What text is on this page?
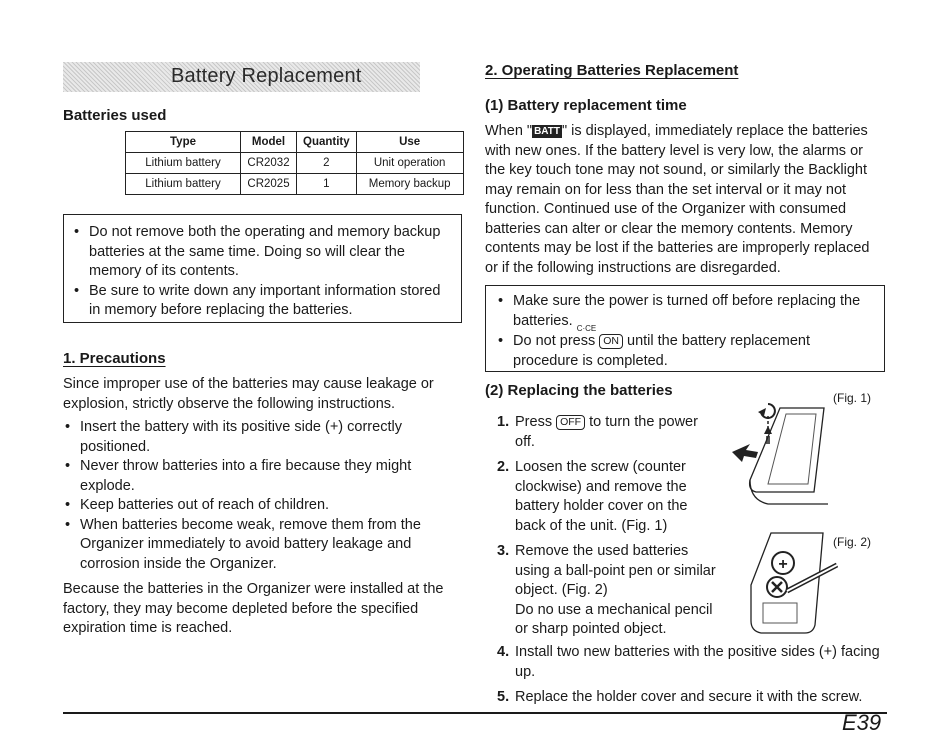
Battery Replacement
Batteries used
Type	Model	Quantity	Use
Lithium battery	CR2032	2	Unit operation
Lithium battery	CR2025	1	Memory backup
• Do not remove both the operating and memory backup batteries at the same time. Doing so will clear the memory of its contents.
• Be sure to write down any important information stored in memory before replacing the batteries.
1. Precautions
Since improper use of the batteries may cause leakage or explosion, strictly observe the following instructions.
• Insert the battery with its positive side (+) correctly positioned.
• Never throw batteries into a fire because they might explode.
• Keep batteries out of reach of children.
• When batteries become weak, remove them from the Organizer immediately to avoid battery leakage and corrosion inside the Organizer.
Because the batteries in the Organizer were installed at the factory, they may become depleted before the specified expiration time is reached.
2. Operating Batteries Replacement
(1) Battery replacement time
When " BATT " is displayed, immediately replace the batteries with new ones. If the battery level is very low, the alarms or the key touch tone may not sound, or similarly the Backlight may remain on for less than the set interval or it may not function. Continued use of the Organizer with consumed batteries can alter or clear the memory contents. Memory contents may be lost if the batteries are improperly replaced or if the following instructions are disregarded.
• Make sure the power is turned off before replacing the batteries. $_{C\cdot CE}$
• Do not press ON until the battery replacement procedure is completed.
(2) Replacing the batteries	(Fig. 1)
(Fig. 2)
+
1. Press OFF to turn the power off.
2. Loosen the screw (counter clockwise) and remove the battery holder cover on the back of the unit. (Fig. 1)
3. Remove the used batteries using a ball-point pen or similar object. (Fig. 2)
Do no use a mechanical pencil or sharp pointed object.
4. Install two new batteries with the positive sides (+) facing up.
5. Replace the holder cover and secure it with the screw.
E39
